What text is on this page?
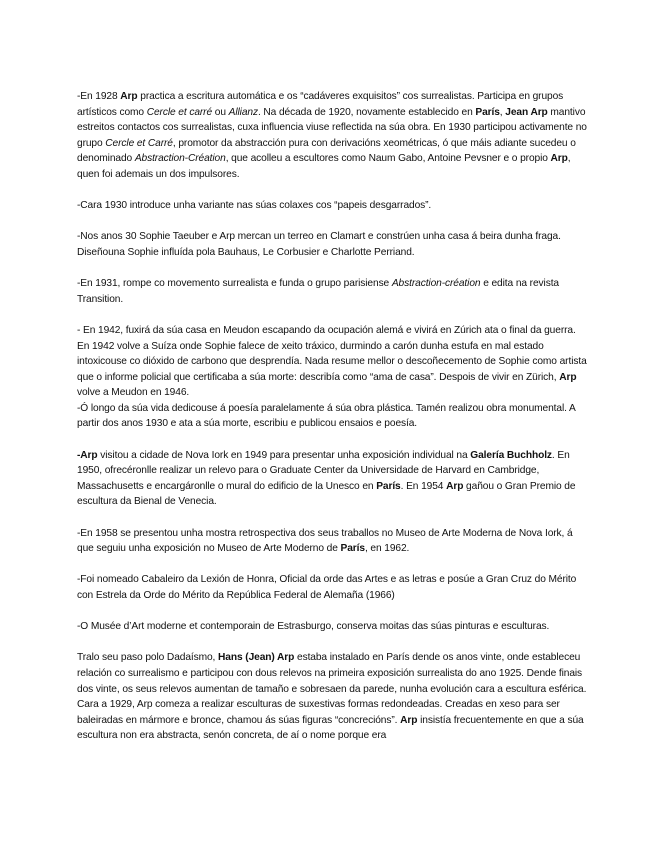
-En 1928 Arp practica a escritura automática e os “cadáveres exquisitos” cos surrealistas. Participa en grupos artísticos como Cercle et carré ou Allianz. Na década de 1920, novamente establecido en París, Jean Arp mantivo estreitos contactos cos surrealistas, cuxa influencia viuse reflectida na súa obra. En 1930 participou activamente no grupo Cercle et Carré, promotor da abstracción pura con derivacións xeométricas, ó que máis adiante sucedeu o denominado Abstraction-Création, que acolleu a escultores como Naum Gabo, Antoine Pevsner e o propio Arp, quen foi ademais un dos impulsores.

-Cara 1930 introduce unha variante nas súas colaxes cos “papeis desgarrados”.

-Nos anos 30 Sophie Taeuber e Arp mercan un terreo en Clamart e constrúen unha casa á beira dunha fraga. Diseñouna Sophie influída pola Bauhaus, Le Corbusier e Charlotte Perriand.

-En 1931, rompe co movemento surrealista e funda o grupo parisiense Abstraction-création e edita na revista Transition.

- En 1942, fuxirá da súa casa en Meudon escapando da ocupación alemá e vivirá en Zúrich ata o final da guerra. En 1942 volve a Suíza onde Sophie falece de xeito tráxico, durmindo a carón dunha estufa en mal estado intoxicouse co dióxido de carbono que desprendía. Nada resume mellor o descoñecemento de Sophie como artista que o informe policial que certificaba a súa morte: describía como “ama de casa”. Despois de vivir en Zürich, Arp volve a Meudon en 1946.

-Ó longo da súa vida dedicouse á poesía paralelamente á súa obra plástica. Tamén realizou obra monumental. A partir dos anos 1930 e ata a súa morte, escribiu e publicou ensaios e poesía.

-Arp visitou a cidade de Nova Iork en 1949 para presentar unha exposición individual na Galería Buchholz. En 1950, ofrecéronlle realizar un relevo para o Graduate Center da Universidade de Harvard en Cambridge, Massachusetts e encargáronlle o mural do edificio de la Unesco en París. En 1954 Arp gañou o Gran Premio de escultura da Bienal de Venecia.

-En 1958 se presentou unha mostra retrospectiva dos seus traballos no Museo de Arte Moderna de Nova Iork, á que seguiu unha exposición no Museo de Arte Moderno de París, en 1962.

-Foi nomeado Cabaleiro da Lexión de Honra, Oficial da orde das Artes e as letras e posúe a Gran Cruz do Mérito con Estrela da Orde do Mérito da República Federal de Alemaña (1966)

-O Musée d’Art moderne et contemporain de Estrasburgo, conserva moitas das súas pinturas e esculturas.

Tralo seu paso polo Dadaísmo, Hans (Jean) Arp estaba instalado en París dende os anos vinte, onde estableceu relación co surrealismo e participou con dous relevos na primeira exposición surrealista do ano 1925. Dende finais dos vinte, os seus relevos aumentan de tamaño e sobresaen da parede, nunha evolución cara a escultura esférica. Cara a 1929, Arp comeza a realizar esculturas de suxestivas formas redondeadas. Creadas en xeso para ser baleiradas en mármore e bronce, chamou ás súas figuras “concrecións”. Arp insistía frecuentemente en que a súa escultura non era abstracta, senón concreta, de aí o nome porque era
